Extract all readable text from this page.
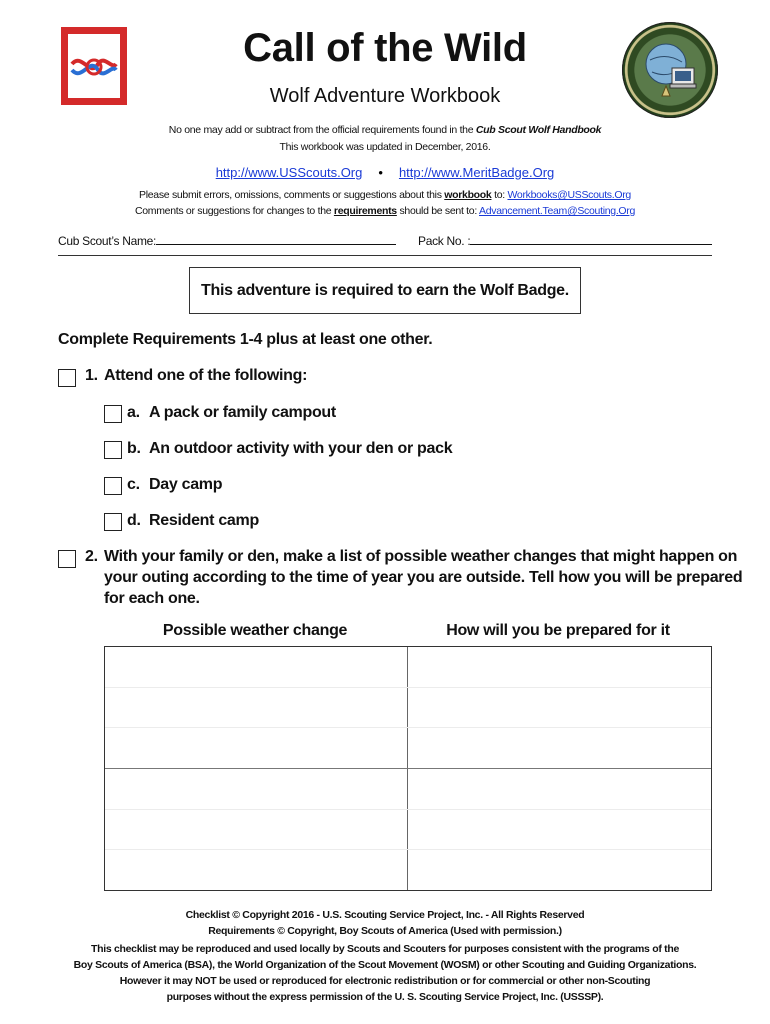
Call of the Wild
Wolf Adventure Workbook
No one may add or subtract from the official requirements found in the Cub Scout Wolf Handbook
This workbook was updated in December, 2016.
http://www.USScouts.Org • http://www.MeritBadge.Org
Please submit errors, omissions, comments or suggestions about this workbook to: Workbooks@USScouts.Org
Comments or suggestions for changes to the requirements should be sent to: Advancement.Team@Scouting.Org
Cub Scout’s Name:	Pack No. :
This adventure is required to earn the Wolf Badge.
Complete Requirements 1-4 plus at least one other.
1. Attend one of the following:
a. A pack or family campout
b. An outdoor activity with your den or pack
c. Day camp
d. Resident camp
2. With your family or den, make a list of possible weather changes that might happen on
your outing according to the time of year you are outside. Tell how you will be prepared
for each one.
Possible weather change	How will you be prepared for it
Checklist © Copyright 2016 - U.S. Scouting Service Project, Inc. - All Rights Reserved
Requirements © Copyright, Boy Scouts of America (Used with permission.)
This checklist may be reproduced and used locally by Scouts and Scouters for purposes consistent with the programs of the
Boy Scouts of America (BSA), the World Organization of the Scout Movement (WOSM) or other Scouting and Guiding Organizations.
However it may NOT be used or reproduced for electronic redistribution or for commercial or other non-Scouting
purposes without the express permission of the U. S. Scouting Service Project, Inc. (USSSP).
